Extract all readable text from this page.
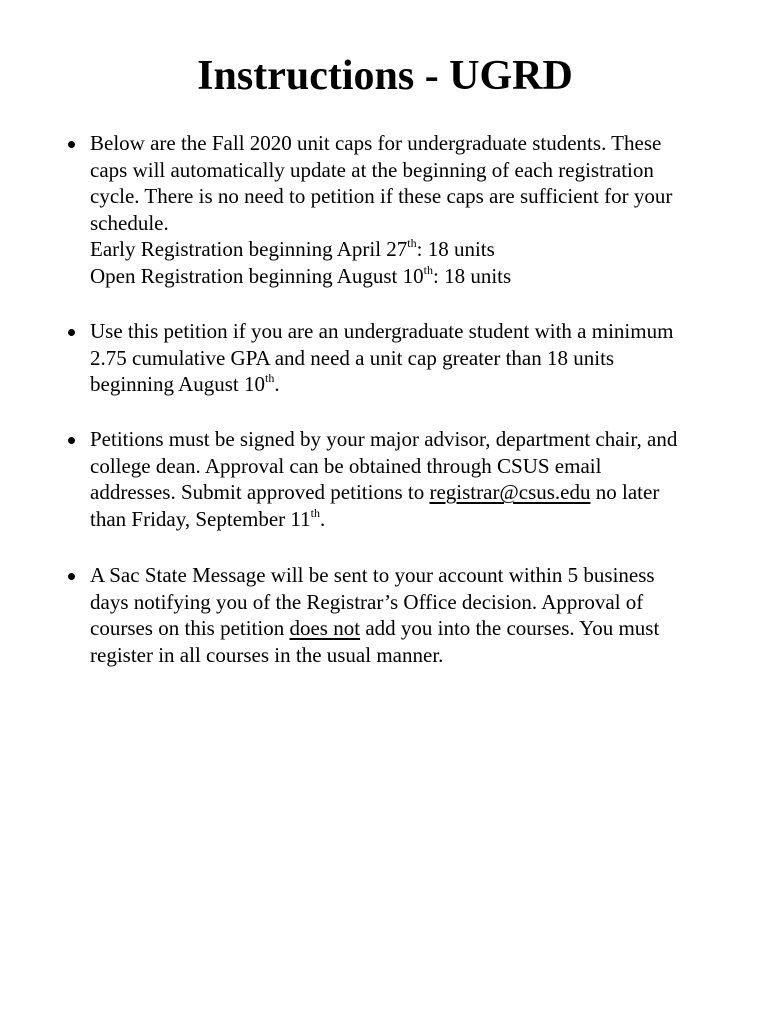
Instructions - UGRD
Below are the Fall 2020 unit caps for undergraduate students. These
caps will automatically update at the beginning of each registration
cycle. There is no need to petition if these caps are sufficient for your
schedule.
Early Registration beginning April 27th: 18 units
Open Registration beginning August 10th: 18 units
Use this petition if you are an undergraduate student with a minimum
2.75 cumulative GPA and need a unit cap greater than 18 units
beginning August 10th.
Petitions must be signed by your major advisor, department chair, and
college dean. Approval can be obtained through CSUS email
addresses. Submit approved petitions to registrar@csus.edu no later
than Friday, September 11th.
A Sac State Message will be sent to your account within 5 business
days notifying you of the Registrar’s Office decision. Approval of
courses on this petition does not add you into the courses. You must
register in all courses in the usual manner.
